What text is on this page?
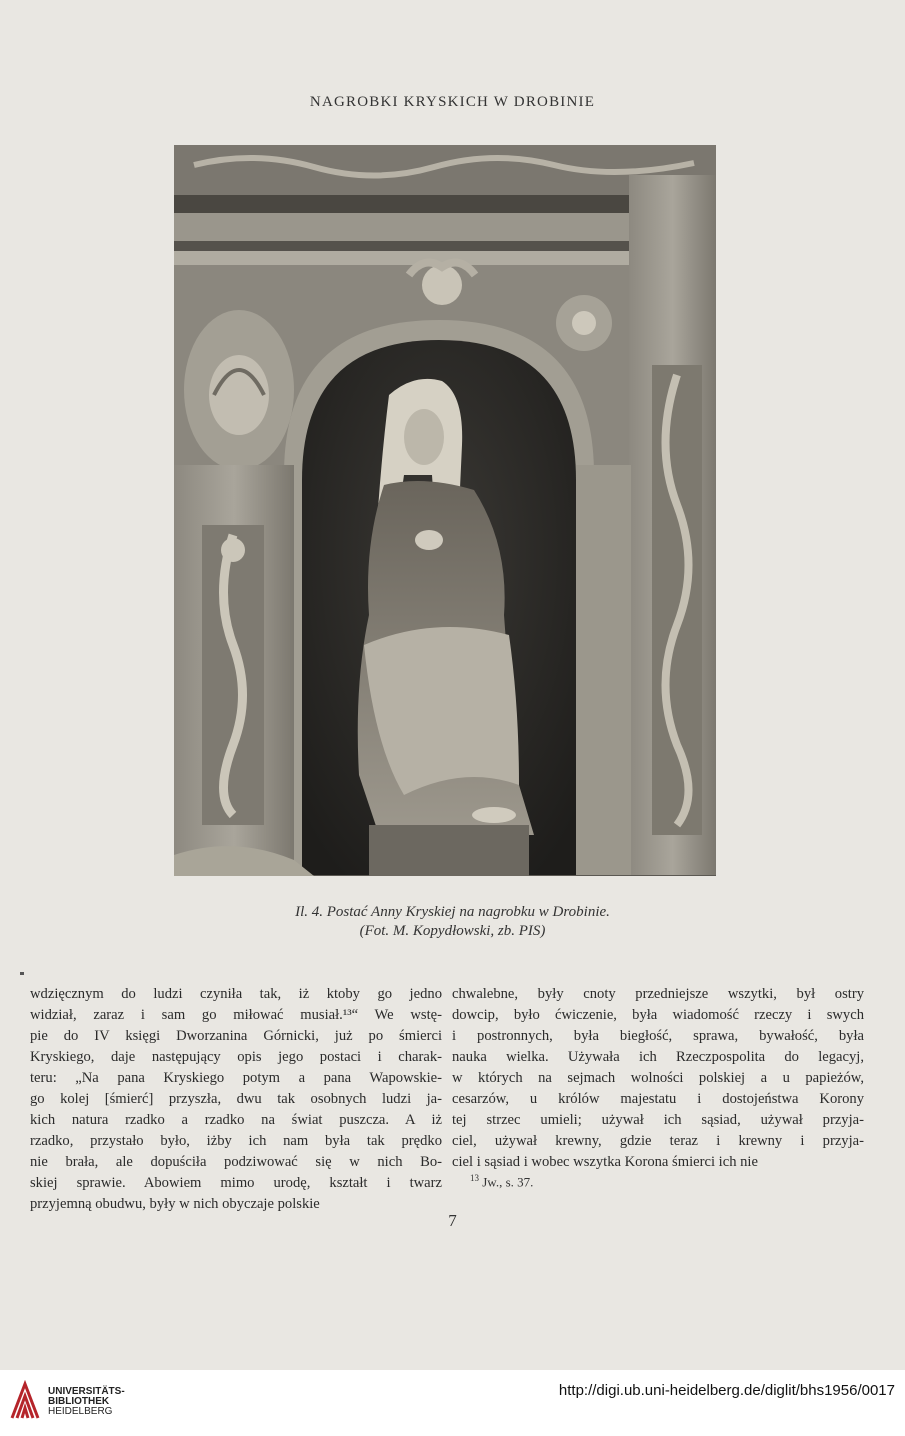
NAGROBKI KRYSKICH W DROBINIE
Il. 4. Postać Anny Kryskiej na nagrobku w Drobinie.
(Fot. M. Kopydłowski, zb. PIS)
wdzięcznym do ludzi czyniła tak, iż ktoby go jedno
widział, zaraz i sam go miłować musiał.¹³“ We wstę-
pie do IV księgi Dworzanina Górnicki, już po śmierci
Kryskiego, daje następujący opis jego postaci i charak-
teru: „Na pana Kryskiego potym a pana Wapowskie-
go kolej [śmierć] przyszła, dwu tak osobnych ludzi ja-
kich natura rzadko a rzadko na świat puszcza. A iż
rzadko, przystało było, iżby ich nam była tak prędko
nie brała, ale dopuściła podziwować się w nich Bo-
skiej sprawie. Abowiem mimo urodę, kształt i twarz
przyjemną obudwu, były w nich obyczaje polskie
chwalebne, były cnoty przedniejsze wszytki, był ostry
dowcip, było ćwiczenie, była wiadomość rzeczy i swych
i postronnych, była biegłość, sprawa, bywałość, była
nauka wielka. Używała ich Rzeczpospolita do legacyj,
w których na sejmach wolności polskiej a u papieżów,
cesarzów, u królów majestatu i dostojeństwa Korony
tej strzec umieli; używał ich sąsiad, używał przyja-
ciel, używał krewny, gdzie teraz i krewny i przyja-
ciel i sąsiad i wobec wszytka Korona śmierci ich nie
$^{13}$ Jw., s. 37.
7
UNIVERSITÄTS-
BIBLIOTHEK
HEIDELBERG
http://digi.ub.uni-heidelberg.de/diglit/bhs1956/0017
